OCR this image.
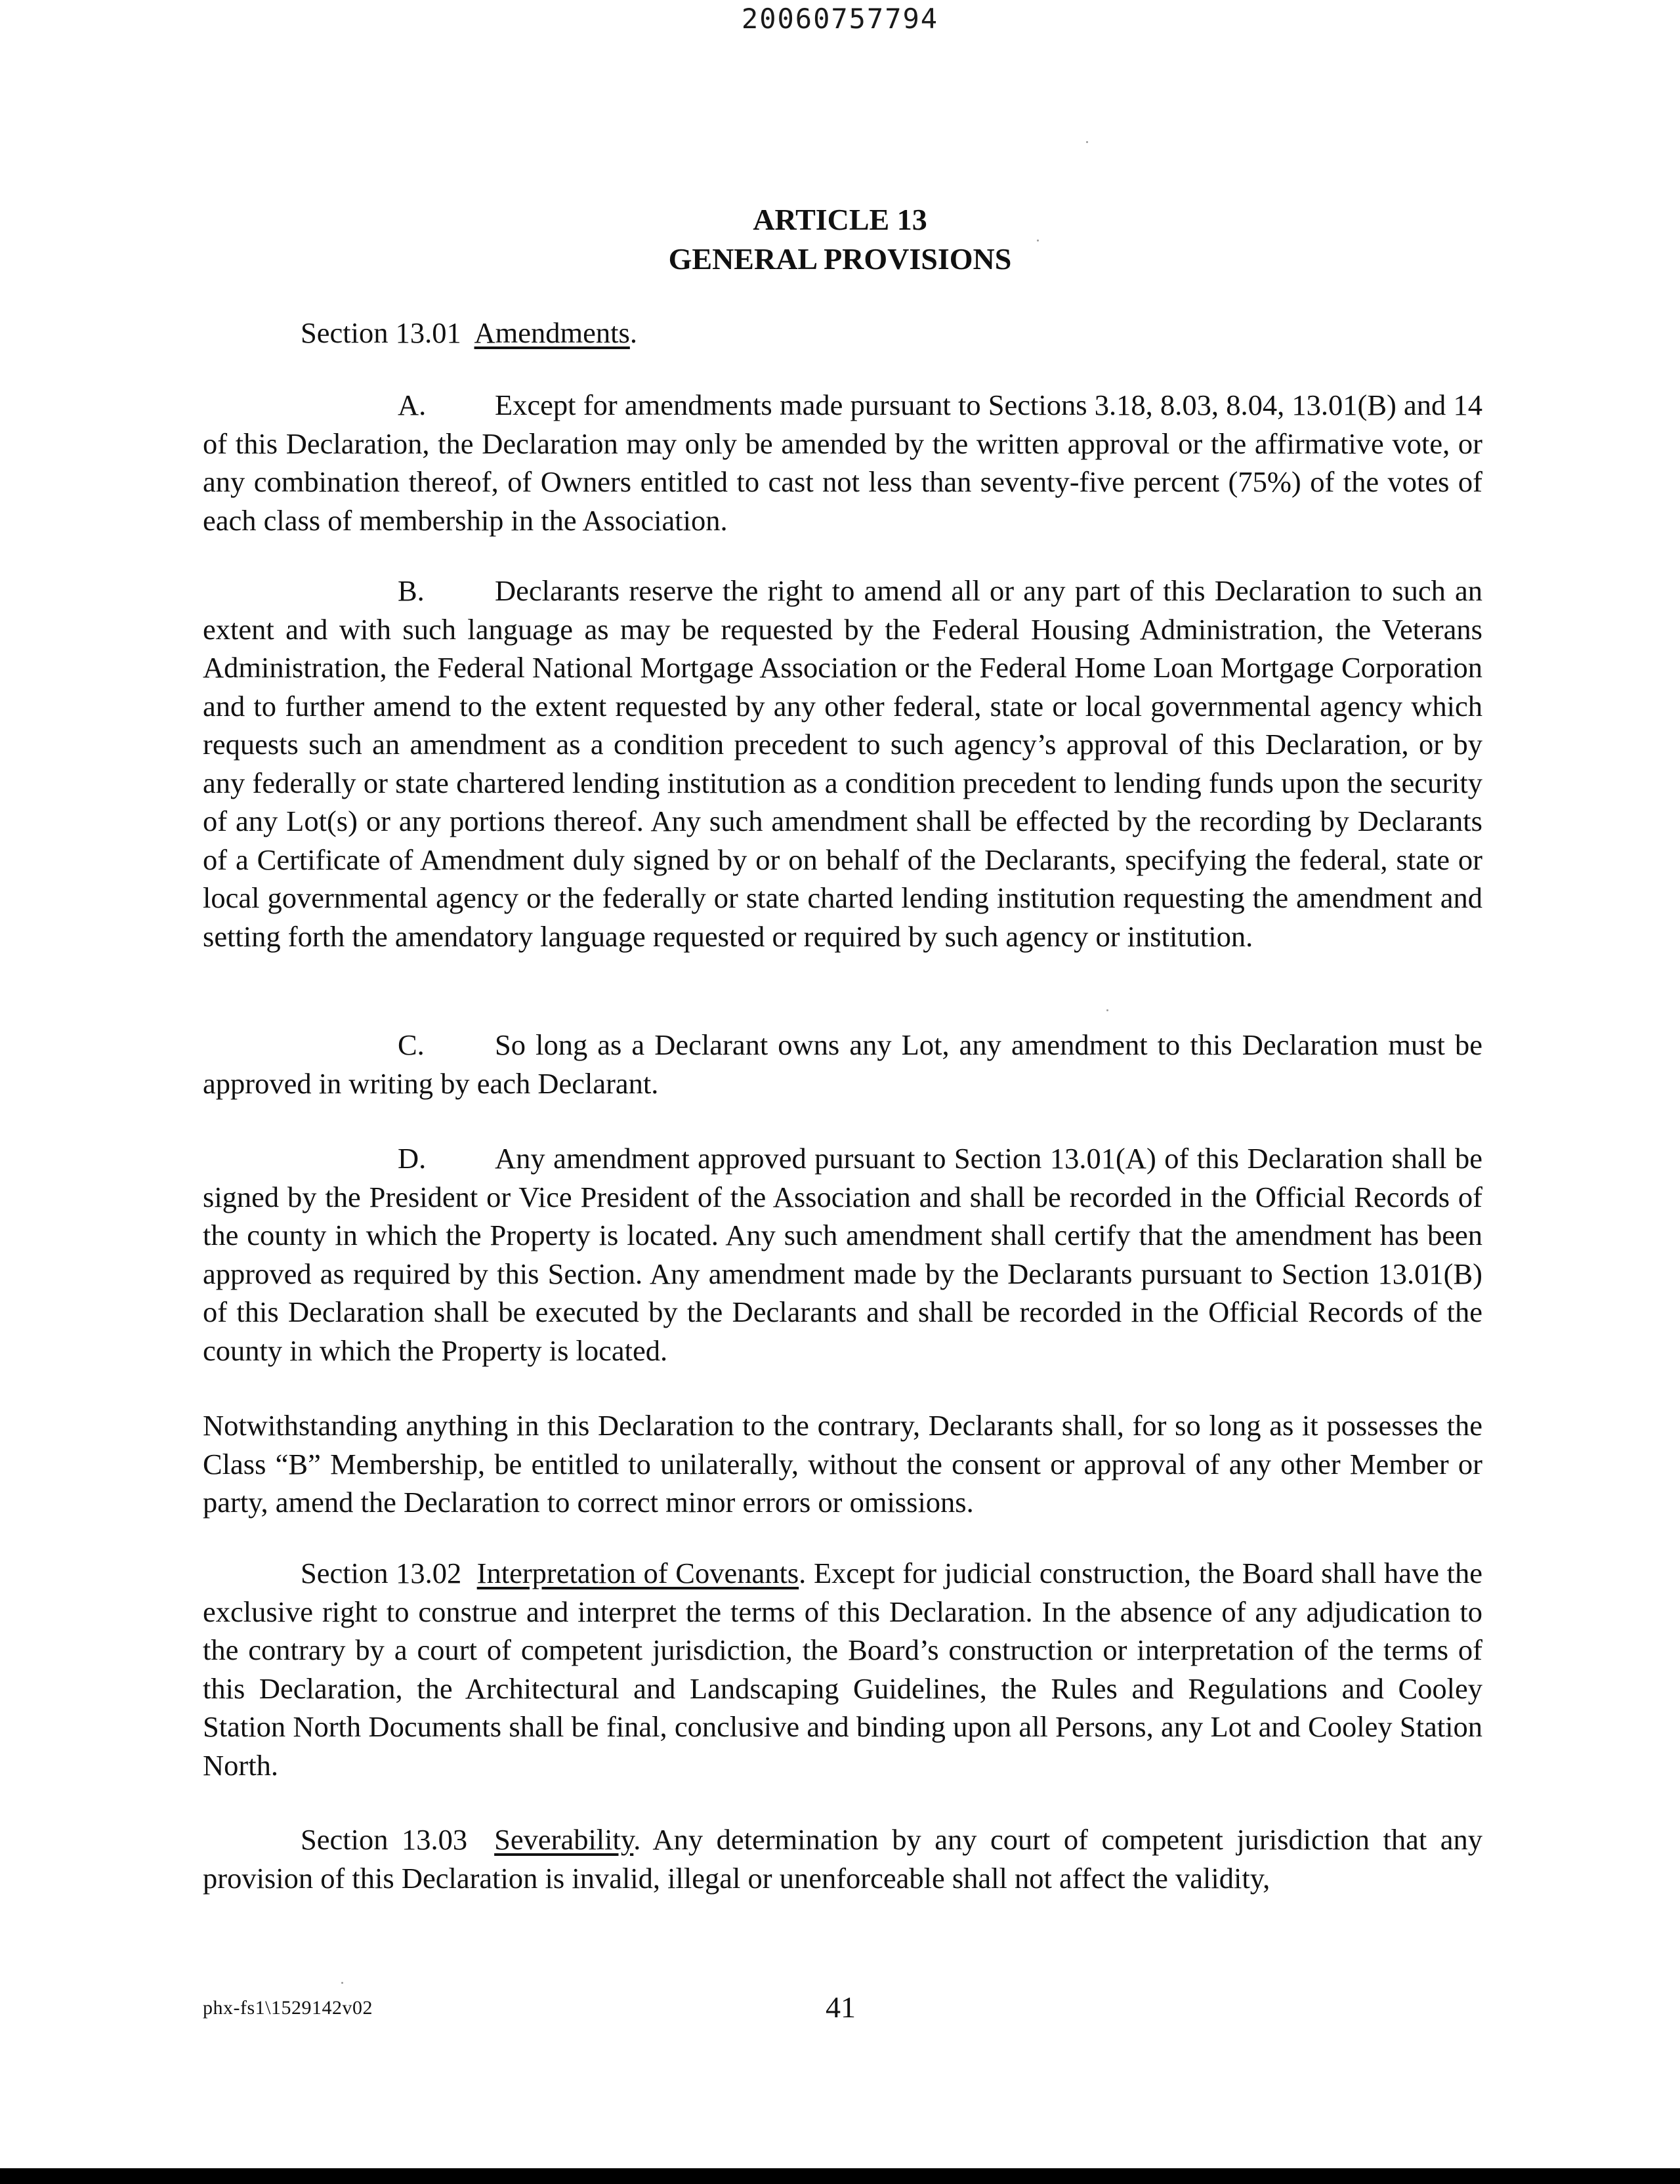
20060757794
ARTICLE 13
GENERAL PROVISIONS
Section 13.01 Amendments.

A. Except for amendments made pursuant to Sections 3.18, 8.03, 8.04, 13.01(B) and 14 of this Declaration, the Declaration may only be amended by the written approval or the affirmative vote, or any combination thereof, of Owners entitled to cast not less than seventy-five percent (75%) of the votes of each class of membership in the Association.

B. Declarants reserve the right to amend all or any part of this Declaration to such an extent and with such language as may be requested by the Federal Housing Administration, the Veterans Administration, the Federal National Mortgage Association or the Federal Home Loan Mortgage Corporation and to further amend to the extent requested by any other federal, state or local governmental agency which requests such an amendment as a condition precedent to such agency’s approval of this Declaration, or by any federally or state chartered lending institution as a condition precedent to lending funds upon the security of any Lot(s) or any portions thereof. Any such amendment shall be effected by the recording by Declarants of a Certificate of Amendment duly signed by or on behalf of the Declarants, specifying the federal, state or local governmental agency or the federally or state charted lending institution requesting the amendment and setting forth the amendatory language requested or required by such agency or institution.

C. So long as a Declarant owns any Lot, any amendment to this Declaration must be approved in writing by each Declarant.

D. Any amendment approved pursuant to Section 13.01(A) of this Declaration shall be signed by the President or Vice President of the Association and shall be recorded in the Official Records of the county in which the Property is located. Any such amendment shall certify that the amendment has been approved as required by this Section. Any amendment made by the Declarants pursuant to Section 13.01(B) of this Declaration shall be executed by the Declarants and shall be recorded in the Official Records of the county in which the Property is located.

Notwithstanding anything in this Declaration to the contrary, Declarants shall, for so long as it possesses the Class “B” Membership, be entitled to unilaterally, without the consent or approval of any other Member or party, amend the Declaration to correct minor errors or omissions.

Section 13.02 Interpretation of Covenants. Except for judicial construction, the Board shall have the exclusive right to construe and interpret the terms of this Declaration. In the absence of any adjudication to the contrary by a court of competent jurisdiction, the Board’s construction or interpretation of the terms of this Declaration, the Architectural and Landscaping Guidelines, the Rules and Regulations and Cooley Station North Documents shall be final, conclusive and binding upon all Persons, any Lot and Cooley Station North.

Section 13.03 Severability. Any determination by any court of competent jurisdiction that any provision of this Declaration is invalid, illegal or unenforceable shall not affect the validity,

phx-fs1\1529142v02	41
